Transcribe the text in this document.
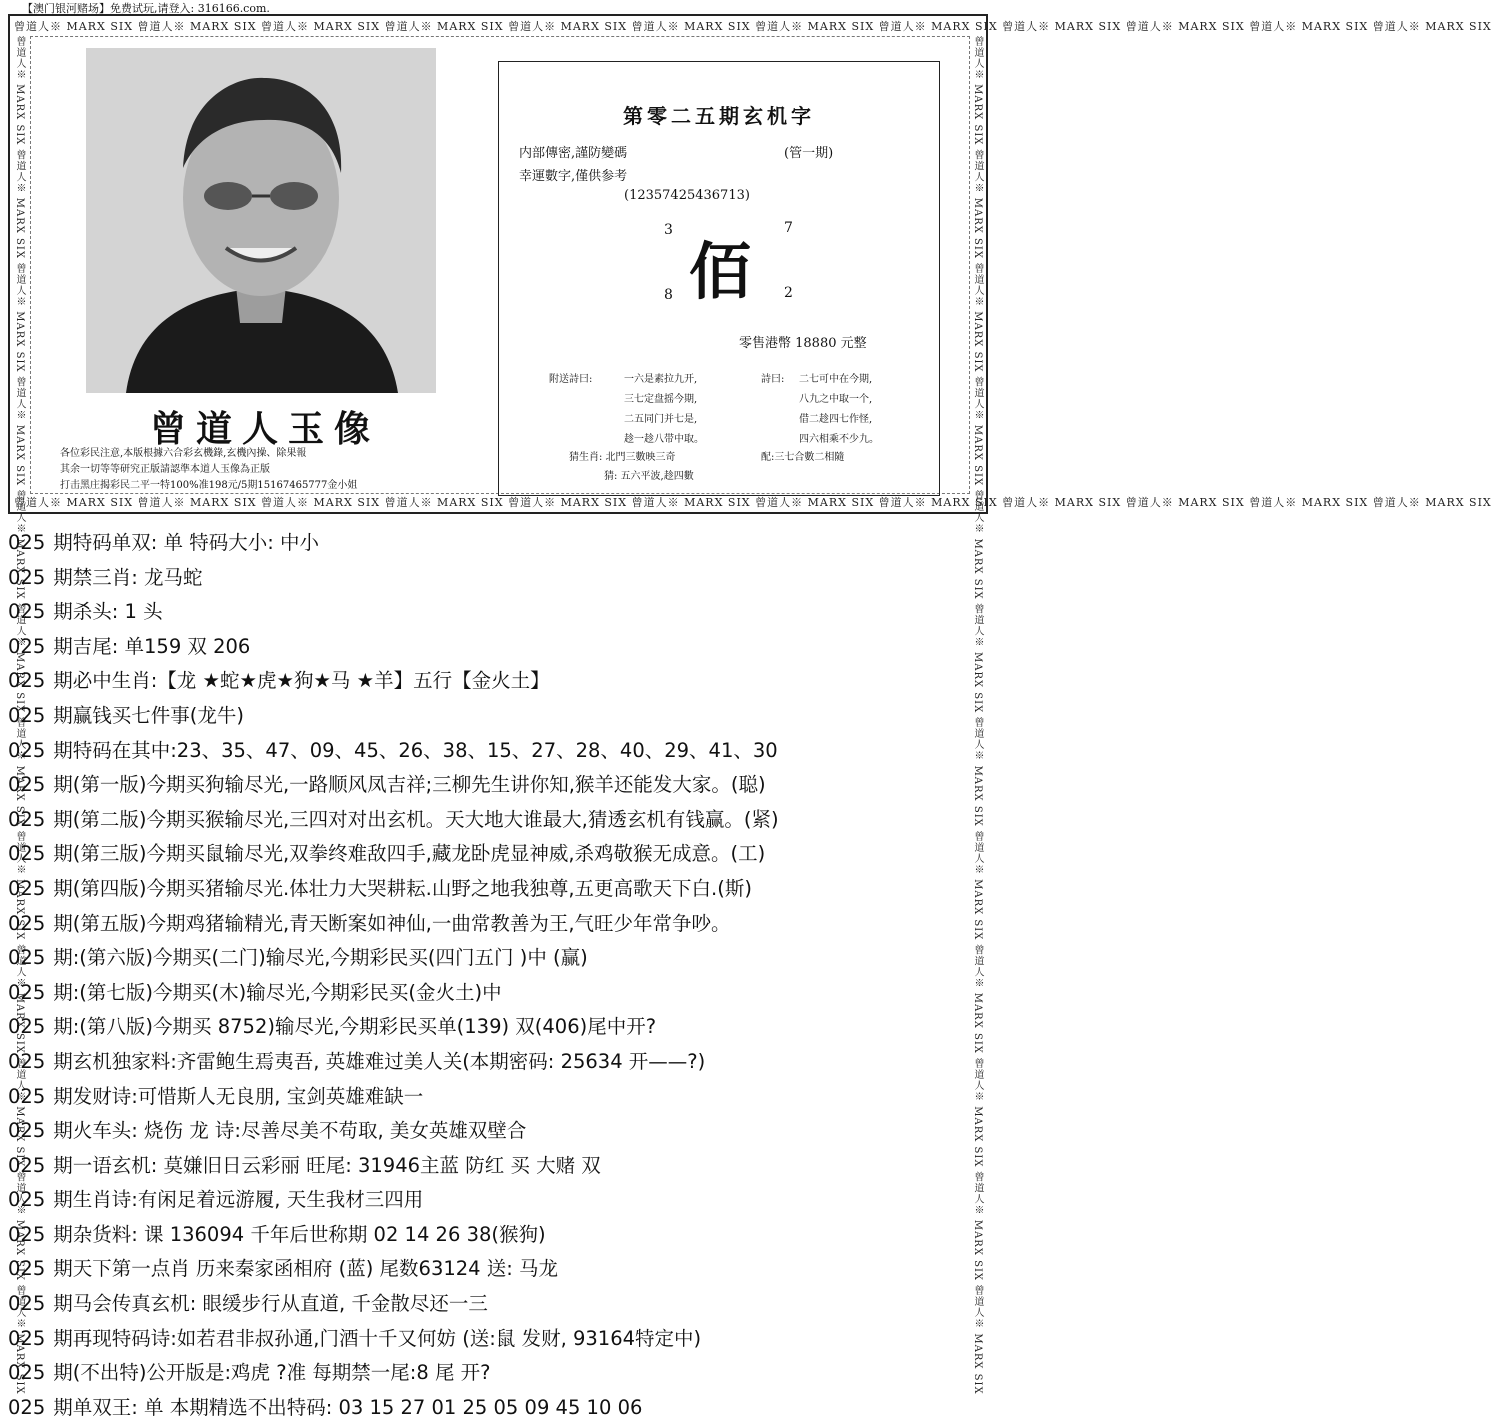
【澳门银河赌场】免费试玩,请登入: 316166.com.
曾道人※ MARX SIX 曾道人※ MARX SIX 曾道人※ MARX SIX 曾道人※ MARX SIX 曾道人※ MARX SIX 曾道人※ MARX SIX 曾道人※ MARX SIX 曾道人※ MARX SIX 曾道人※ MARX SIX 曾道人※ MARX SIX 曾道人※ MARX SIX 曾道人※ MARX SIX
曾道人※ MARX SIX 曾道人※ MARX SIX 曾道人※ MARX SIX 曾道人※ MARX SIX 曾道人※ MARX SIX 曾道人※ MARX SIX 曾道人※ MARX SIX 曾道人※ MARX SIX 曾道人※ MARX SIX 曾道人※ MARX SIX 曾道人※ MARX SIX 曾道人※ MARX SIX
曾道人※ MARX SIX 曾道人※ MARX SIX 曾道人※ MARX SIX 曾道人※ MARX SIX 曾道人※ MARX SIX 曾道人※ MARX SIX 曾道人※ MARX SIX 曾道人※ MARX SIX 曾道人※ MARX SIX 曾道人※ MARX SIX 曾道人※ MARX SIX 曾道人※ MARX SIX	曾道人※ MARX SIX 曾道人※ MARX SIX 曾道人※ MARX SIX 曾道人※ MARX SIX 曾道人※ MARX SIX 曾道人※ MARX SIX 曾道人※ MARX SIX 曾道人※ MARX SIX 曾道人※ MARX SIX 曾道人※ MARX SIX 曾道人※ MARX SIX 曾道人※ MARX SIX
曾道人玉像
各位彩民注意,本版根據六合彩玄機錄,玄機內操、除果報
其余一切等等研究正版請認準本道人玉像為正版
打击黑庄揭彩民二平一特100%准198元/5期15167465777金小姐
第零二五期玄机字
内部傳密,謹防變碼	(管一期)
幸運數字,僅供参考
(12357425436713)
3	7
佰
8	2
零售港幣 18880 元整
附送詩曰:	一六是素拉九开,
三七定盘摇今期,
二五同门并七是,
趁一趁八带中取。
詩曰: 二七可中在今期,
八九之中取一个,
借二趁四七作怪,
四六相乘不少九。
猜生肖: 北門三數映三奇	配:三七合數二相隨
猜: 五六平波,趁四數
025 期特码单双: 单 特码大小: 中小
025 期禁三肖: 龙马蛇
025 期杀头: 1 头
025 期吉尾: 单159 双 206
025 期必中生肖:【龙 ★蛇★虎★狗★马 ★羊】五行【金火土】
025 期赢钱买七件事(龙牛)
025 期特码在其中:23、35、47、09、45、26、38、15、27、28、40、29、41、30
025 期(第一版)今期买狗输尽光,一路顺风凤吉祥;三柳先生讲你知,猴羊还能发大家。(聪)
025 期(第二版)今期买猴输尽光,三四对对出玄机。天大地大谁最大,猜透玄机有钱赢。(紧)
025 期(第三版)今期买鼠输尽光,双拳终难敌四手,藏龙卧虎显神威,杀鸡敬猴无成意。(工)
025 期(第四版)今期买猪输尽光.体壮力大哭耕耘.山野之地我独尊,五更高歌天下白.(斯)
025 期(第五版)今期鸡猪输精光,青天断案如神仙,一曲常教善为王,气旺少年常争吵。
025 期:(第六版)今期买(二门)输尽光,今期彩民买(四门五门 )中 (赢)
025 期:(第七版)今期买(木)输尽光,今期彩民买(金火土)中
025 期:(第八版)今期买 8752)输尽光,今期彩民买单(139) 双(406)尾中开?
025 期玄机独家料:齐雷鲍生焉夷吾, 英雄难过美人关(本期密码: 25634 开——?)
025 期发财诗:可惜斯人无良朋, 宝剑英雄难缺一
025 期火车头: 烧伤 龙 诗:尽善尽美不苟取, 美女英雄双壁合
025 期一语玄机: 莫嫌旧日云彩丽 旺尾: 31946主蓝 防红 买 大赌 双
025 期生肖诗:有闲足着远游履, 天生我材三四用
025 期杂货料: 课 136094 千年后世称期 02 14 26 38(猴狗)
025 期天下第一点肖 历来秦家函相府 (蓝) 尾数63124 送: 马龙
025 期马会传真玄机: 眼缓步行从直道, 千金散尽还一三
025 期再现特码诗:如若君非叔孙通,门酒十千又何妨 (送:鼠 发财, 93164特定中)
025 期(不出特)公开版是:鸡虎 ?准 每期禁一尾:8 尾 开?
025 期单双王: 单 本期精选不出特码: 03 15 27 01 25 05 09 45 10 06
